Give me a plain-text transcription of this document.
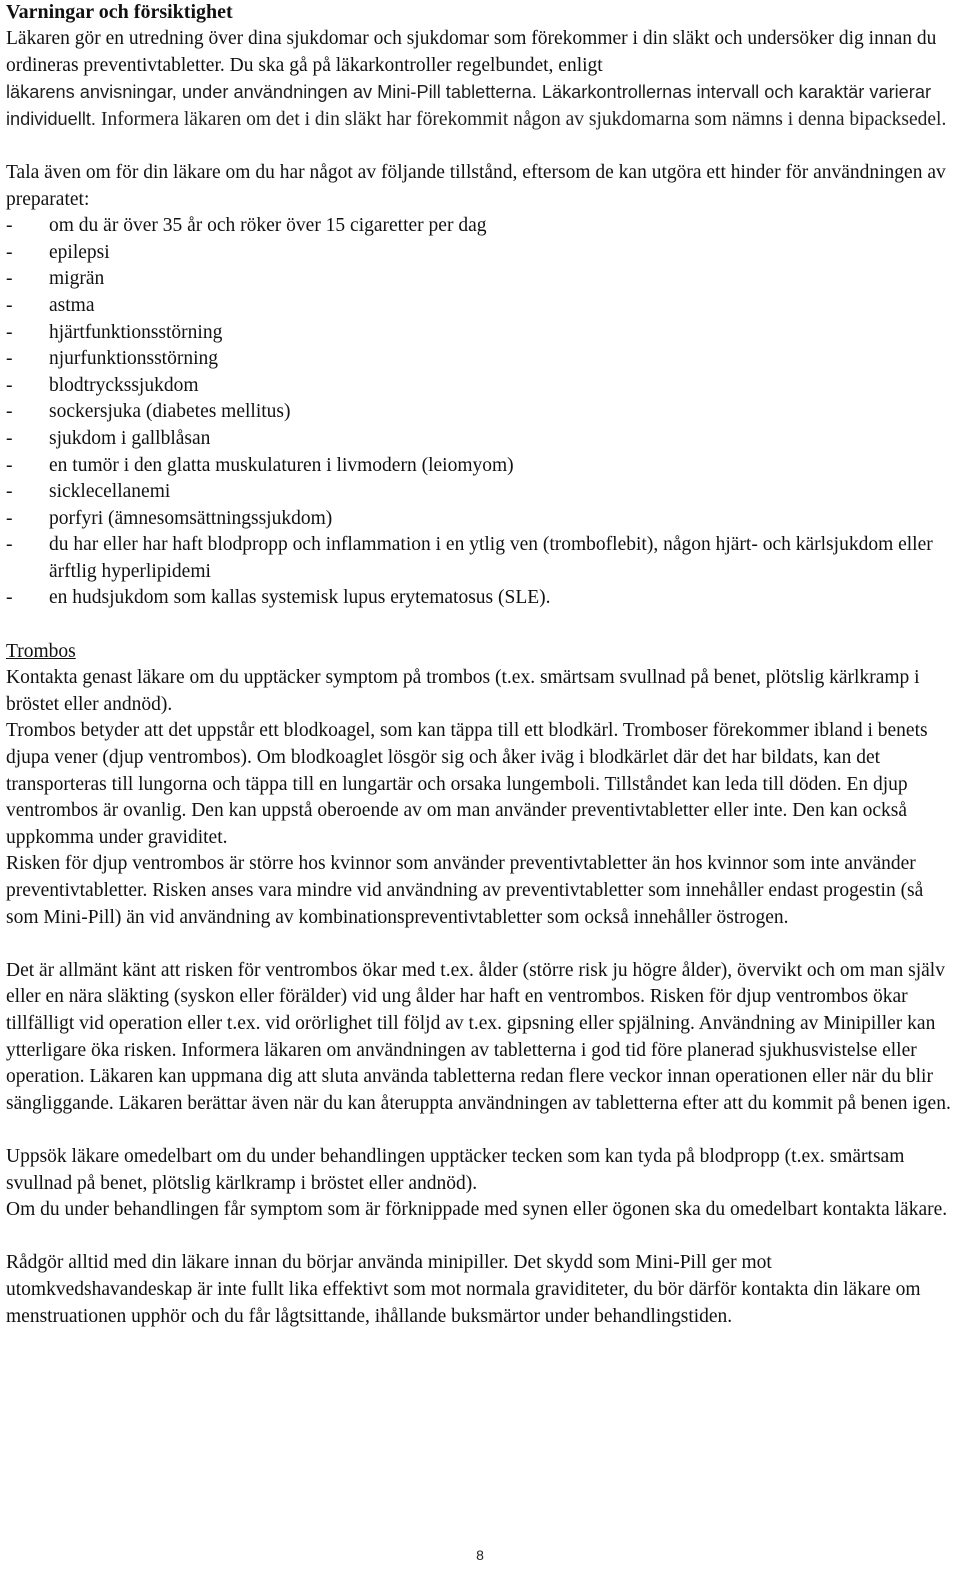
Varningar och försiktighet

Läkaren gör en utredning över dina sjukdomar och sjukdomar som förekommer i din släkt och undersöker dig innan du ordineras preventivtabletter. Du ska gå på läkarkontroller regelbundet, enligt

läkarens anvisningar, under användningen av Mini-Pill tabletterna. Läkarkontrollernas intervall och karaktär varierar individuellt. Informera läkaren om det i din släkt har förekommit någon av sjukdomarna som nämns i denna bipacksedel.

Tala även om för din läkare om du har något av följande tillstånd, eftersom de kan utgöra ett hinder för användningen av preparatet:

- om du är över 35 år och röker över 15 cigaretter per dag
- epilepsi
- migrän
- astma
- hjärtfunktionsstörning
- njurfunktionsstörning
- blodtryckssjukdom
- sockersjuka (diabetes mellitus)
- sjukdom i gallblåsan
- en tumör i den glatta muskulaturen i livmodern (leiomyom)
- sicklecellanemi
- porfyri (ämnesomsättningssjukdom)
- du har eller har haft blodpropp och inflammation i en ytlig ven (tromboflebit), någon hjärt- och kärlsjukdom eller ärftlig hyperlipidemi
- en hudsjukdom som kallas systemisk lupus erytematosus (SLE).

Trombos

Kontakta genast läkare om du upptäcker symptom på trombos (t.ex. smärtsam svullnad på benet, plötslig kärlkramp i bröstet eller andnöd).

Trombos betyder att det uppstår ett blodkoagel, som kan täppa till ett blodkärl. Tromboser förekommer ibland i benets djupa vener (djup ventrombos). Om blodkoaglet lösgör sig och åker iväg i blodkärlet där det har bildats, kan det transporteras till lungorna och täppa till en lungartär och orsaka lungemboli. Tillståndet kan leda till döden. En djup ventrombos är ovanlig. Den kan uppstå oberoende av om man använder preventivtabletter eller inte. Den kan också uppkomma under graviditet.

Risken för djup ventrombos är större hos kvinnor som använder preventivtabletter än hos kvinnor som inte använder preventivtabletter. Risken anses vara mindre vid användning av preventivtabletter som innehåller endast progestin (så som Mini-Pill) än vid användning av kombinationspreventivtabletter som också innehåller östrogen.

Det är allmänt känt att risken för ventrombos ökar med t.ex. ålder (större risk ju högre ålder), övervikt och om man själv eller en nära släkting (syskon eller förälder) vid ung ålder har haft en ventrombos. Risken för djup ventrombos ökar tillfälligt vid operation eller t.ex. vid orörlighet till följd av t.ex. gipsning eller spjälning. Användning av Minipiller kan ytterligare öka risken. Informera läkaren om användningen av tabletterna i god tid före planerad sjukhusvistelse eller operation. Läkaren kan uppmana dig att sluta använda tabletterna redan flere veckor innan operationen eller när du blir sängliggande. Läkaren berättar även när du kan återuppta användningen av tabletterna efter att du kommit på benen igen.

Uppsök läkare omedelbart om du under behandlingen upptäcker tecken som kan tyda på blodpropp (t.ex. smärtsam svullnad på benet, plötslig kärlkramp i bröstet eller andnöd).

Om du under behandlingen får symptom som är förknippade med synen eller ögonen ska du omedelbart kontakta läkare.

Rådgör alltid med din läkare innan du börjar använda minipiller. Det skydd som Mini-Pill ger mot utomkvedshavandeskap är inte fullt lika effektivt som mot normala graviditeter, du bör därför kontakta din läkare om menstruationen upphör och du får lågtsittande, ihållande buksmärtor under behandlingstiden.

8
